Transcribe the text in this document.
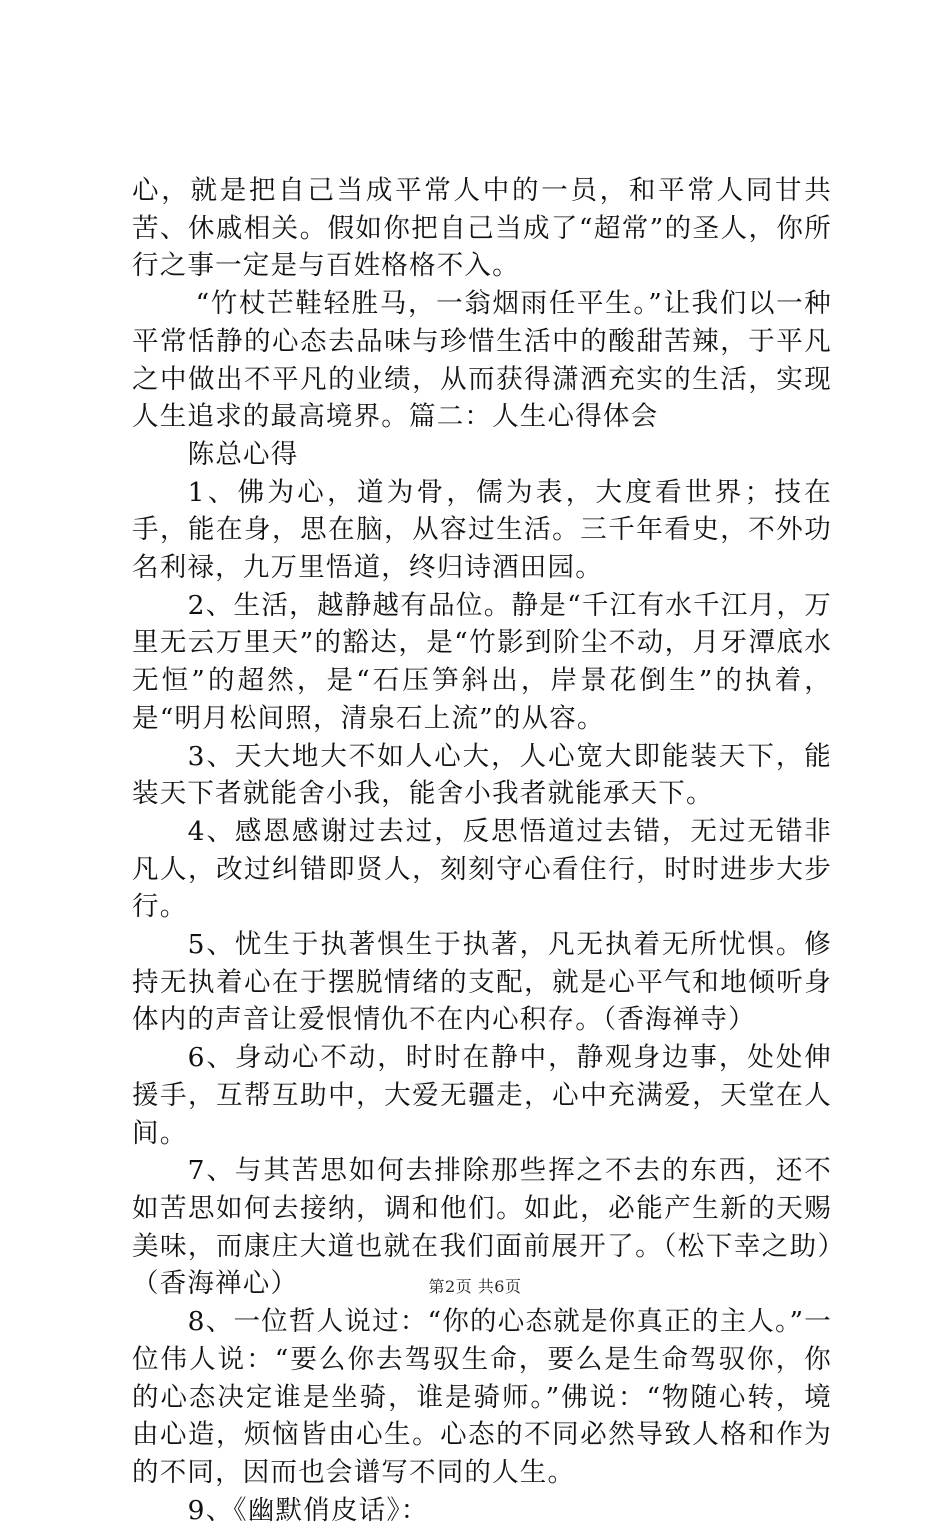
心，就是把自己当成平常人中的一员，和平常人同甘共苦、休戚相关。假如你把自己当成了“超常”的圣人，你所行之事一定是与百姓格格不入。

“竹杖芒鞋轻胜马，一翁烟雨任平生。”让我们以一种平常恬静的心态去品味与珍惜生活中的酸甜苦辣，于平凡之中做出不平凡的业绩，从而获得潇洒充实的生活，实现人生追求的最高境界。篇二：人生心得体会

陈总心得

1、佛为心，道为骨，儒为表，大度看世界；技在手，能在身，思在脑，从容过生活。三千年看史，不外功名利禄，九万里悟道，终归诗酒田园。

2、生活，越静越有品位。静是“千江有水千江月，万里无云万里天”的豁达，是“竹影到阶尘不动，月牙潭底水无恒”的超然，是“石压笋斜出，岸景花倒生”的执着，是“明月松间照，清泉石上流”的从容。

3、天大地大不如人心大，人心宽大即能装天下，能装天下者就能舍小我，能舍小我者就能承天下。

4、感恩感谢过去过，反思悟道过去错，无过无错非凡人，改过纠错即贤人，刻刻守心看住行，时时进步大步行。

5、忧生于执著惧生于执著，凡无执着无所忧惧。修持无执着心在于摆脱情绪的支配，就是心平气和地倾听身体内的声音让爱恨情仇不在内心积存。（香海禅寺）

6、身动心不动，时时在静中，静观身边事，处处伸援手，互帮互助中，大爱无疆走，心中充满爱，天堂在人间。

7、与其苦思如何去排除那些挥之不去的东西，还不如苦思如何去接纳，调和他们。如此，必能产生新的天赐美味，而康庄大道也就在我们面前展开了。（松下幸之助）（香海禅心）

8、一位哲人说过：“你的心态就是你真正的主人。”一位伟人说：“要么你去驾驭生命，要么是生命驾驭你，你的心态决定谁是坐骑，谁是骑师。”佛说：“物随心转，境由心造，烦恼皆由心生。心态的不同必然导致人格和作为的不同，因而也会谱写不同的人生。

9、《幽默俏皮话》：

第2页 共6页
